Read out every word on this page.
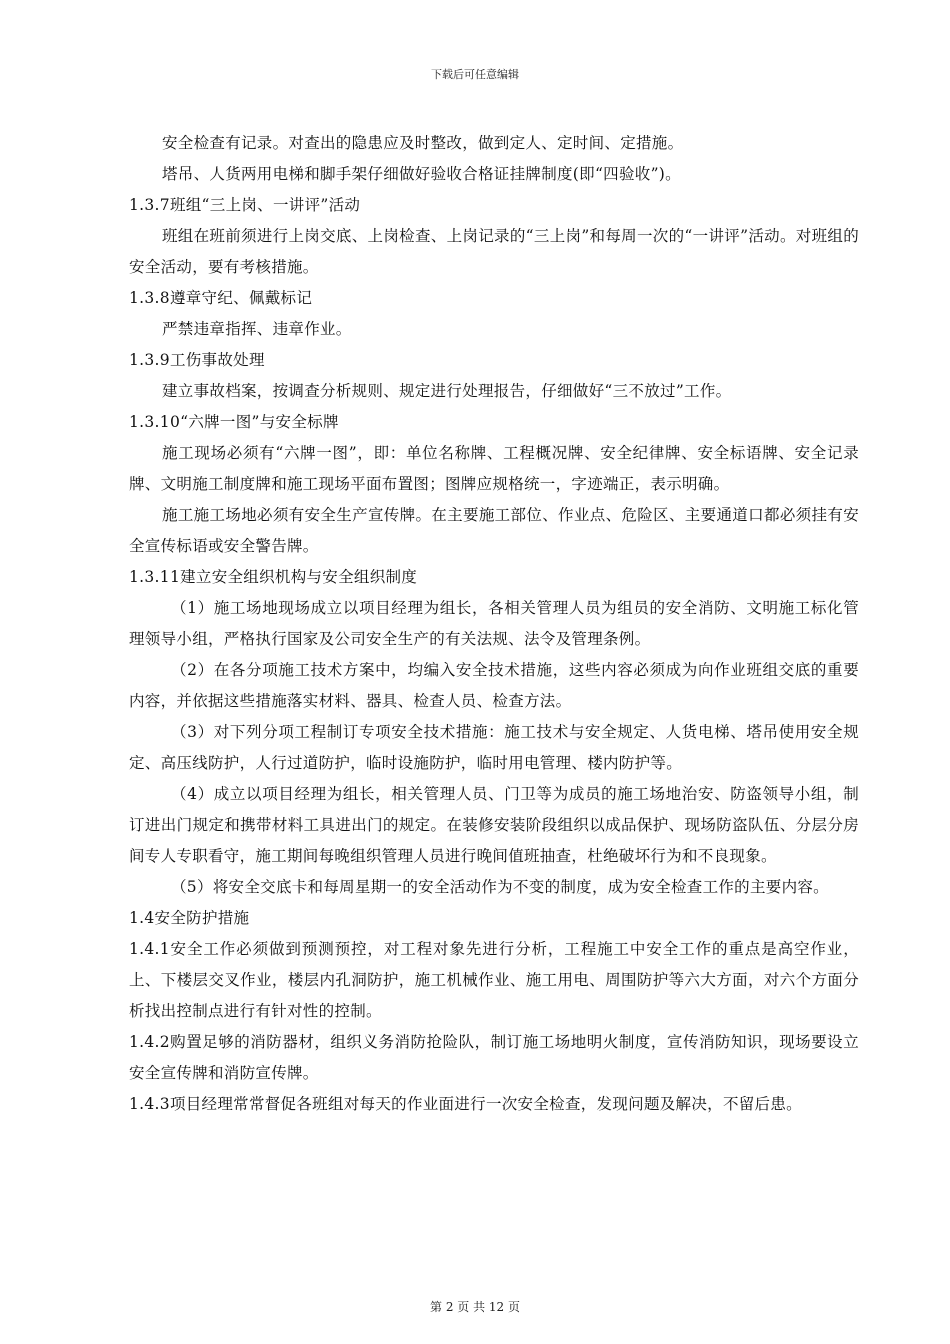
下载后可任意编辑

安全检查有记录。对查出的隐患应及时整改，做到定人、定时间、定措施。

塔吊、人货两用电梯和脚手架仔细做好验收合格证挂牌制度(即“四验收”)。

1.3.7班组“三上岗、一讲评”活动

班组在班前须进行上岗交底、上岗检查、上岗记录的“三上岗”和每周一次的“一讲评”活动。对班组的安全活动，要有考核措施。

1.3.8遵章守纪、佩戴标记

严禁违章指挥、违章作业。

1.3.9工伤事故处理

建立事故档案，按调查分析规则、规定进行处理报告，仔细做好“三不放过”工作。

1.3.10“六牌一图”与安全标牌

施工现场必须有“六牌一图”，即：单位名称牌、工程概况牌、安全纪律牌、安全标语牌、安全记录牌、文明施工制度牌和施工现场平面布置图；图牌应规格统一，字迹端正，表示明确。

施工施工场地必须有安全生产宣传牌。在主要施工部位、作业点、危险区、主要通道口都必须挂有安全宣传标语或安全警告牌。

1.3.11建立安全组织机构与安全组织制度

（1）施工场地现场成立以项目经理为组长，各相关管理人员为组员的安全消防、文明施工标化管理领导小组，严格执行国家及公司安全生产的有关法规、法令及管理条例。

（2）在各分项施工技术方案中，均编入安全技术措施，这些内容必须成为向作业班组交底的重要内容，并依据这些措施落实材料、器具、检查人员、检查方法。

（3）对下列分项工程制订专项安全技术措施：施工技术与安全规定、人货电梯、塔吊使用安全规定、高压线防护，人行过道防护，临时设施防护，临时用电管理、楼内防护等。

（4）成立以项目经理为组长，相关管理人员、门卫等为成员的施工场地治安、防盗领导小组，制订进出门规定和携带材料工具进出门的规定。在装修安装阶段组织以成品保护、现场防盗队伍、分层分房间专人专职看守，施工期间每晚组织管理人员进行晚间值班抽查，杜绝破坏行为和不良现象。

（5）将安全交底卡和每周星期一的安全活动作为不变的制度，成为安全检查工作的主要内容。

1.4安全防护措施

1.4.1安全工作必须做到预测预控，对工程对象先进行分析，工程施工中安全工作的重点是高空作业，上、下楼层交叉作业，楼层内孔洞防护，施工机械作业、施工用电、周围防护等六大方面，对六个方面分析找出控制点进行有针对性的控制。

1.4.2购置足够的消防器材，组织义务消防抢险队，制订施工场地明火制度，宣传消防知识，现场要设立安全宣传牌和消防宣传牌。

1.4.3项目经理常常督促各班组对每天的作业面进行一次安全检查，发现问题及解决，不留后患。

第 2 页 共 12 页
